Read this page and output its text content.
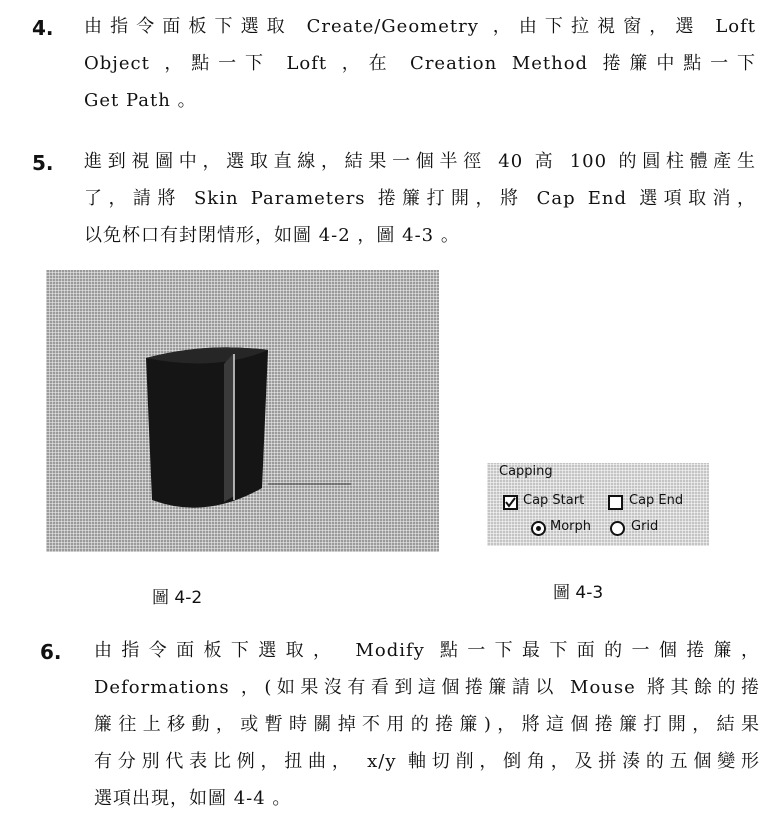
4. 由指令面板下選取 Create/Geometry ，由下拉視窗，選 Loft
Object ，點一下 Loft ，在 Creation Method 捲簾中點一下
Get Path 。
5. 進到視圖中，選取直線，結果一個半徑 40 高 100 的圓柱體產生
了，請將 Skin Parameters 捲簾打開，將 Cap End 選項取消，
以免杯口有封閉情形，如圖 4-2 ，圖 4-3 。
Capping
Cap Start	Cap End
Morph	Grid
圖 4-2	圖 4-3
6. 由指令面板下選取， Modify 點一下最下面的一個捲簾，
Deformations ，(如果沒有看到這個捲簾請以 Mouse 將其餘的捲
簾往上移動，或暫時關掉不用的捲簾)，將這個捲簾打開，結果
有分別代表比例，扭曲， x/y 軸切削，倒角，及拼湊的五個變形
選項出現，如圖 4-4 。
